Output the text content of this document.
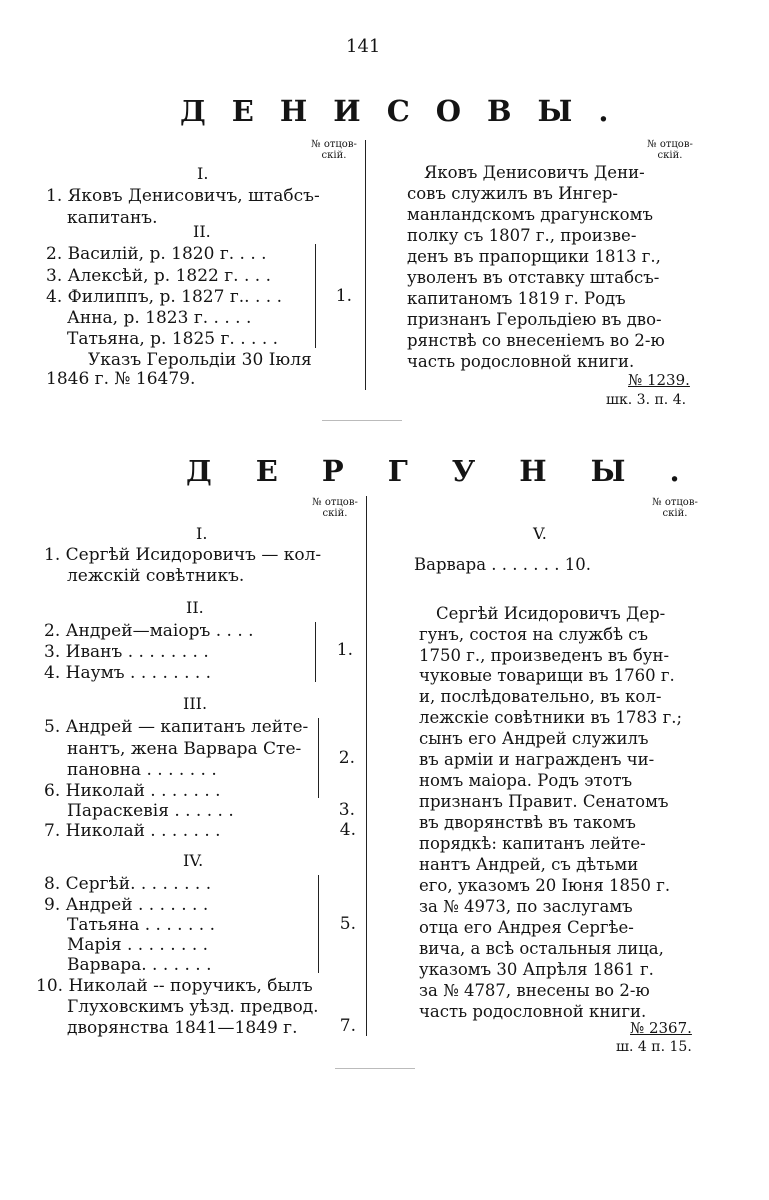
141
ДЕНИСОВЫ.
№ отцов-
скій.
№ отцов-
скій.
I.
1. Яковъ Денисовичъ, штабсъ-
капитанъ.
II.
2. Василій, р. 1820 г. . . .
3. Алексѣй, р. 1822 г. . . .
4. Филиппъ, р. 1827 г.. . . .
Анна, р. 1823 г. . . . .
Татьяна, р. 1825 г. . . . .
1.
Указъ Герольдіи 30 Іюля
1846 г. № 16479.
Яковъ Денисовичъ Дени-
совъ служилъ въ Ингер-
манландскомъ драгунскомъ
полку съ 1807 г., произве-
денъ въ прапорщики 1813 г.,
уволенъ въ отставку штабсъ-
капитаномъ 1819 г. Родъ
признанъ Герольдіею въ дво-
рянствѣ со внесеніемъ во 2-ю
часть родословной книги.
№ 1239.
шк. 3. п. 4.
ДЕРГУНЫ.
№ отцов-
скій.
№ отцов-
скій.
I.
1. Сергѣй Исидоровичъ — кол-
лежскій совѣтникъ.
II.
2. Андрей—маіоръ . . . .
3. Иванъ . . . . . . . .
4. Наумъ . . . . . . . .
1.
III.
5. Андрей — капитанъ лейте-
нантъ, жена Варвара Сте-
пановна . . . . . . .
6. Николай . . . . . . .
Параскевія . . . . . .
7. Николай . . . . . . .
2.
3.
4.
IV.
8. Сергѣй. . . . . . . .
9. Андрей . . . . . . .
Татьяна . . . . . . .
Марія . . . . . . . .
Варвара. . . . . . .
10. Николай -- поручикъ, былъ
Глуховскимъ уѣзд. предвод.
дворянства 1841—1849 г.
5.
7.
V.
Варвара . . . . . . . 10.
Сергѣй Исидоровичъ Дер-
гунъ, состоя на службѣ съ
1750 г., произведенъ въ бун-
чуковые товарищи въ 1760 г.
и, послѣдовательно, въ кол-
лежскіе совѣтники въ 1783 г.;
сынъ его Андрей служилъ
въ арміи и награжденъ чи-
номъ маіора. Родъ этотъ
признанъ Правит. Сенатомъ
въ дворянствѣ въ такомъ
порядкѣ: капитанъ лейте-
нантъ Андрей, съ дѣтьми
его, указомъ 20 Іюня 1850 г.
за № 4973, по заслугамъ
отца его Андрея Сергѣе-
вича, а всѣ остальныя лица,
указомъ 30 Апрѣля 1861 г.
за № 4787, внесены во 2-ю
часть родословной книги.
№ 2367.
ш. 4 п. 15.
